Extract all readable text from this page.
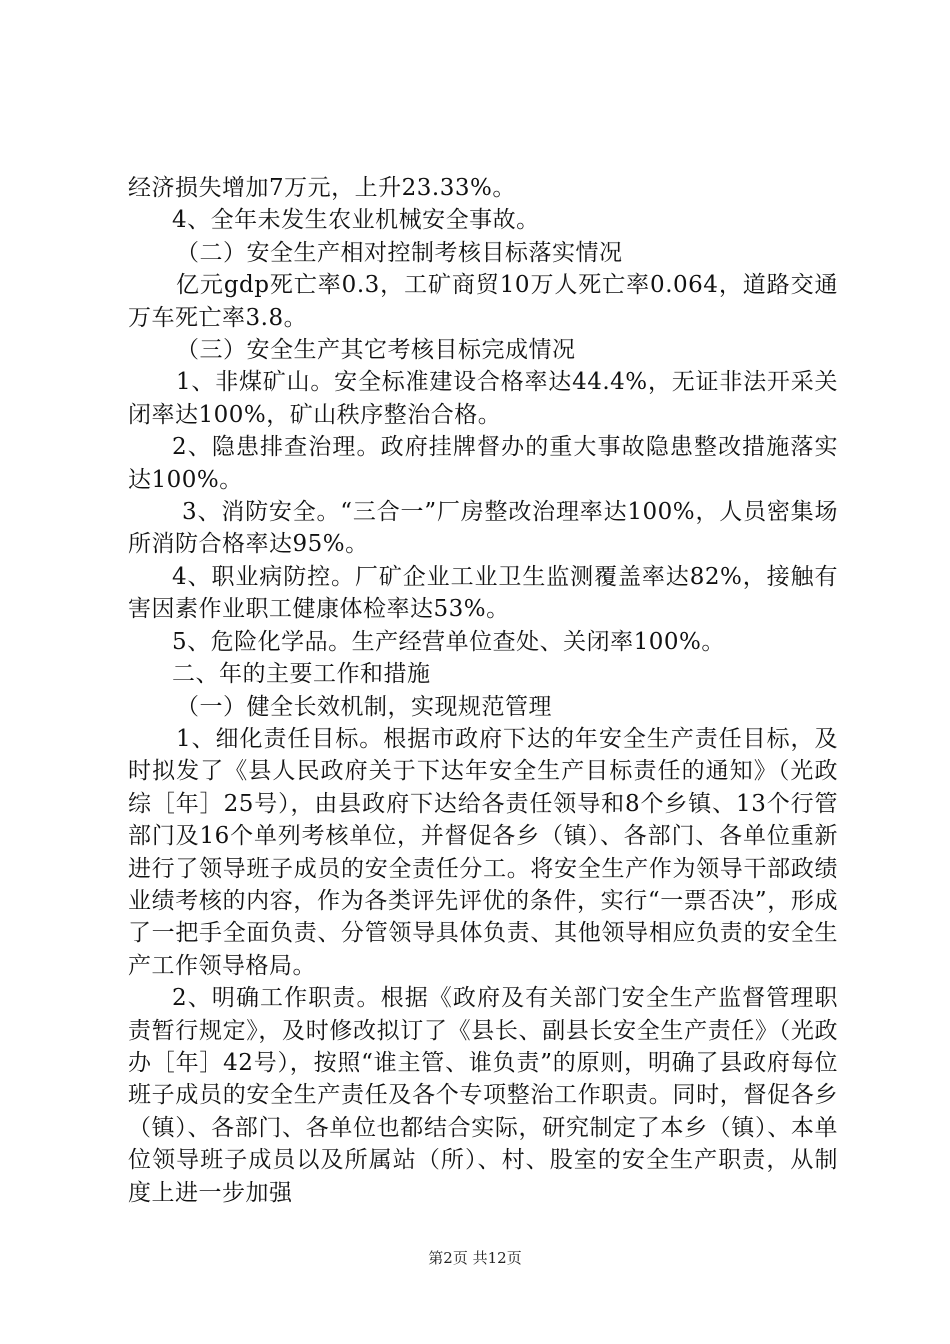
经济损失增加7万元，上升23.33%。

4、全年未发生农业机械安全事故。

（二）安全生产相对控制考核目标落实情况

亿元gdp死亡率0.3，工矿商贸10万人死亡率0.064，道路交通万车死亡率3.8。

（三）安全生产其它考核目标完成情况

1、非煤矿山。安全标准建设合格率达44.4%，无证非法开采关闭率达100%，矿山秩序整治合格。

2、隐患排查治理。政府挂牌督办的重大事故隐患整改措施落实达100%。

3、消防安全。“三合一”厂房整改治理率达100%，人员密集场所消防合格率达95%。

4、职业病防控。厂矿企业工业卫生监测覆盖率达82%，接触有害因素作业职工健康体检率达53%。

5、危险化学品。生产经营单位查处、关闭率100%。

二、年的主要工作和措施

（一）健全长效机制，实现规范管理

1、细化责任目标。根据市政府下达的年安全生产责任目标，及时拟发了《县人民政府关于下达年安全生产目标责任的通知》（光政综［年］25号），由县政府下达给各责任领导和8个乡镇、13个行管部门及16个单列考核单位，并督促各乡（镇）、各部门、各单位重新进行了领导班子成员的安全责任分工。将安全生产作为领导干部政绩业绩考核的内容，作为各类评先评优的条件，实行“一票否决”，形成了一把手全面负责、分管领导具体负责、其他领导相应负责的安全生产工作领导格局。

2、明确工作职责。根据《政府及有关部门安全生产监督管理职责暂行规定》，及时修改拟订了《县长、副县长安全生产责任》（光政办［年］42号），按照“谁主管、谁负责”的原则，明确了县政府每位班子成员的安全生产责任及各个专项整治工作职责。同时，督促各乡（镇）、各部门、各单位也都结合实际，研究制定了本乡（镇）、本单位领导班子成员以及所属站（所）、村、股室的安全生产职责，从制度上进一步加强

第2页 共12页
